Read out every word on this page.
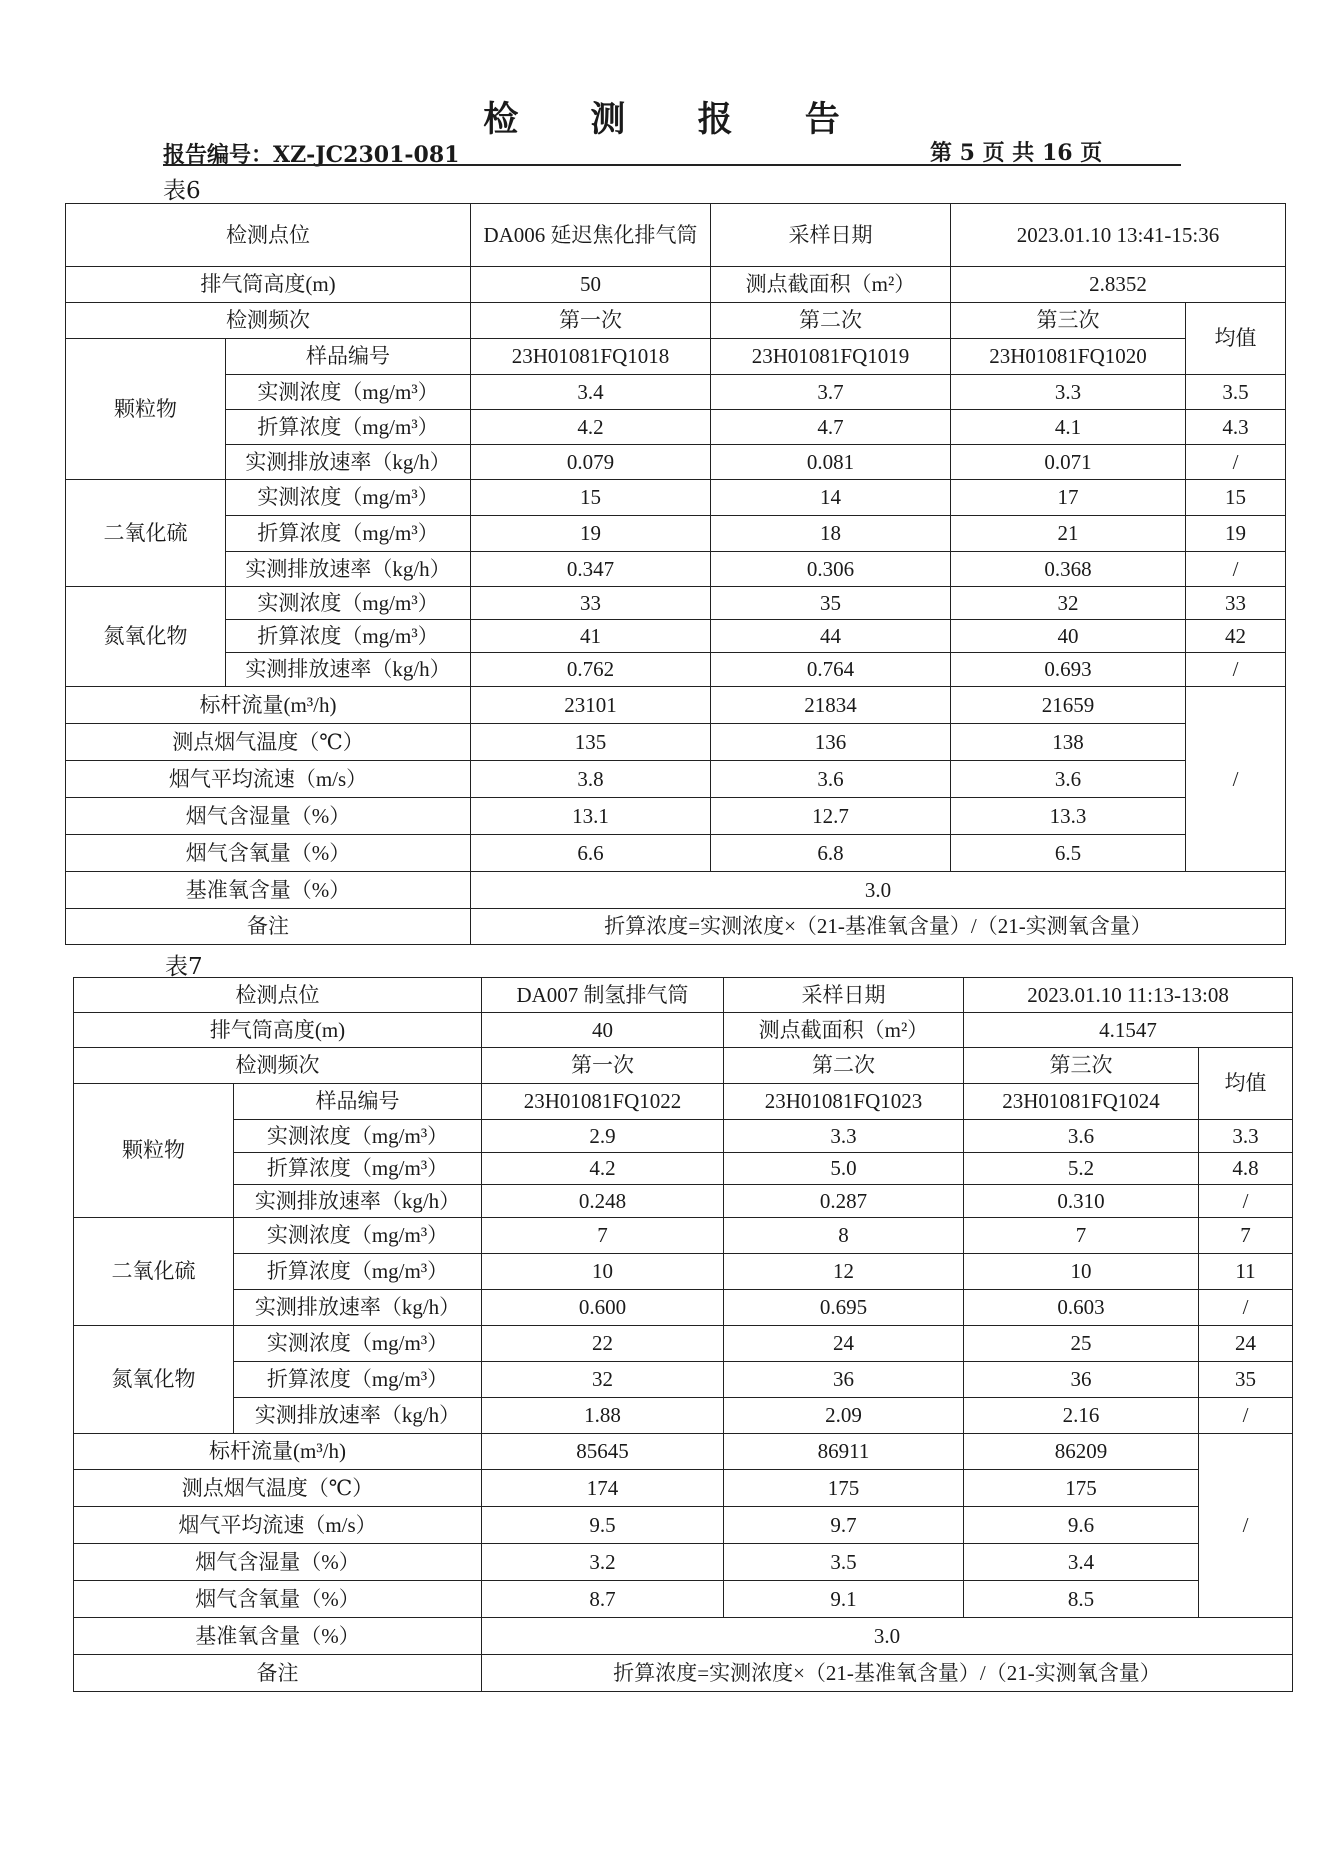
检 测 报 告
报告编号：XZ-JC2301-081	第 5 页 共 16 页
表6
检测点位		DA006 延迟焦化排气筒	采样日期	2023.01.10 13:41-15:36	
排气筒高度(m)		50	测点截面积（m²）	2.8352	
检测频次		第一次	第二次	第三次	均值
颗粒物	样品编号	23H01081FQ1018	23H01081FQ1019	23H01081FQ1020	
	实测浓度（mg/m³）	3.4	3.7	3.3	3.5
	折算浓度（mg/m³）	4.2	4.7	4.1	4.3
	实测排放速率（kg/h）	0.079	0.081	0.071	/
二氧化硫	实测浓度（mg/m³）	15	14	17	15
	折算浓度（mg/m³）	19	18	21	19
	实测排放速率（kg/h）	0.347	0.306	0.368	/
氮氧化物	实测浓度（mg/m³）	33	35	32	33
	折算浓度（mg/m³）	41	44	40	42
	实测排放速率（kg/h）	0.762	0.764	0.693	/
标杆流量(m³/h)		23101	21834	21659	/
测点烟气温度（℃）		135	136	138	
烟气平均流速（m/s）		3.8	3.6	3.6	
烟气含湿量（%）		13.1	12.7	13.3	
烟气含氧量（%）		6.6	6.8	6.5	
基准氧含量（%）		3.0			
备注		折算浓度=实测浓度×（21-基准氧含量）/（21-实测氧含量）			
表7
检测点位		DA007 制氢排气筒	采样日期	2023.01.10 11:13-13:08	
排气筒高度(m)		40	测点截面积（m²）	4.1547	
检测频次		第一次	第二次	第三次	均值
颗粒物	样品编号	23H01081FQ1022	23H01081FQ1023	23H01081FQ1024	
	实测浓度（mg/m³）	2.9	3.3	3.6	3.3
	折算浓度（mg/m³）	4.2	5.0	5.2	4.8
	实测排放速率（kg/h）	0.248	0.287	0.310	/
二氧化硫	实测浓度（mg/m³）	7	8	7	7
	折算浓度（mg/m³）	10	12	10	11
	实测排放速率（kg/h）	0.600	0.695	0.603	/
氮氧化物	实测浓度（mg/m³）	22	24	25	24
	折算浓度（mg/m³）	32	36	36	35
	实测排放速率（kg/h）	1.88	2.09	2.16	/
标杆流量(m³/h)		85645	86911	86209	/
测点烟气温度（℃）		174	175	175	
烟气平均流速（m/s）		9.5	9.7	9.6	
烟气含湿量（%）		3.2	3.5	3.4	
烟气含氧量（%）		8.7	9.1	8.5	
基准氧含量（%）		3.0			
备注		折算浓度=实测浓度×（21-基准氧含量）/（21-实测氧含量）			
